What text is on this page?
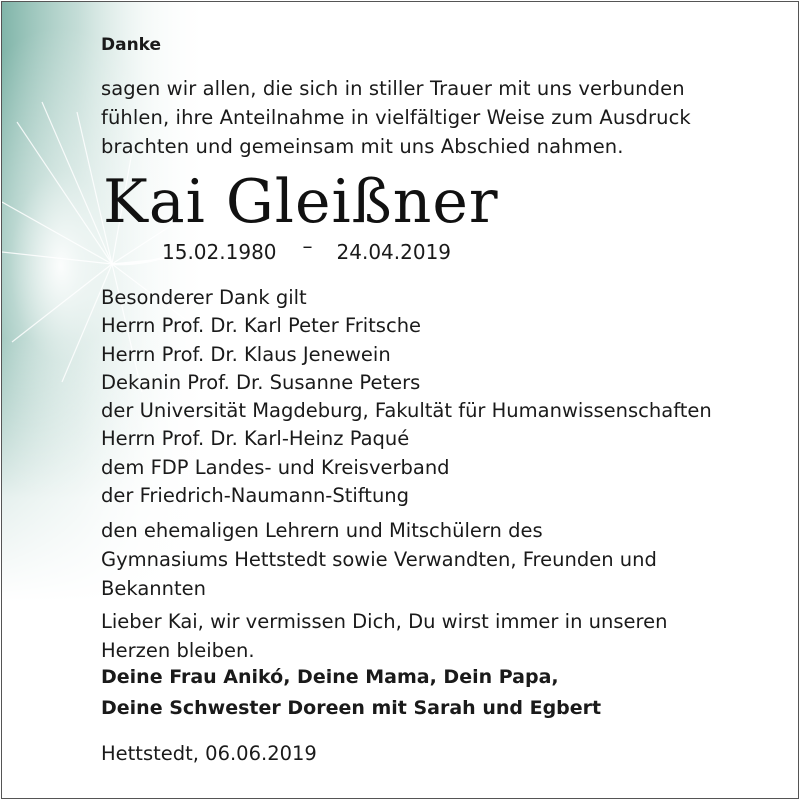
Danke
sagen wir allen, die sich in stiller Trauer mit uns verbunden
fühlen, ihre Anteilnahme in vielfältiger Weise zum Ausdruck
brachten und gemeinsam mit uns Abschied nahmen.
Kai Gleißner
15.02.1980 – 24.04.2019
Besonderer Dank gilt
Herrn Prof. Dr. Karl Peter Fritsche
Herrn Prof. Dr. Klaus Jenewein
Dekanin Prof. Dr. Susanne Peters
der Universität Magdeburg, Fakultät für Humanwissenschaften
Herrn Prof. Dr. Karl-Heinz Paqué
dem FDP Landes- und Kreisverband
der Friedrich-Naumann-Stiftung
den ehemaligen Lehrern und Mitschülern des
Gymnasiums Hettstedt sowie Verwandten, Freunden und
Bekannten
Lieber Kai, wir vermissen Dich, Du wirst immer in unseren
Herzen bleiben.
Deine Frau Anikó, Deine Mama, Dein Papa,
Deine Schwester Doreen mit Sarah und Egbert
Hettstedt, 06.06.2019
